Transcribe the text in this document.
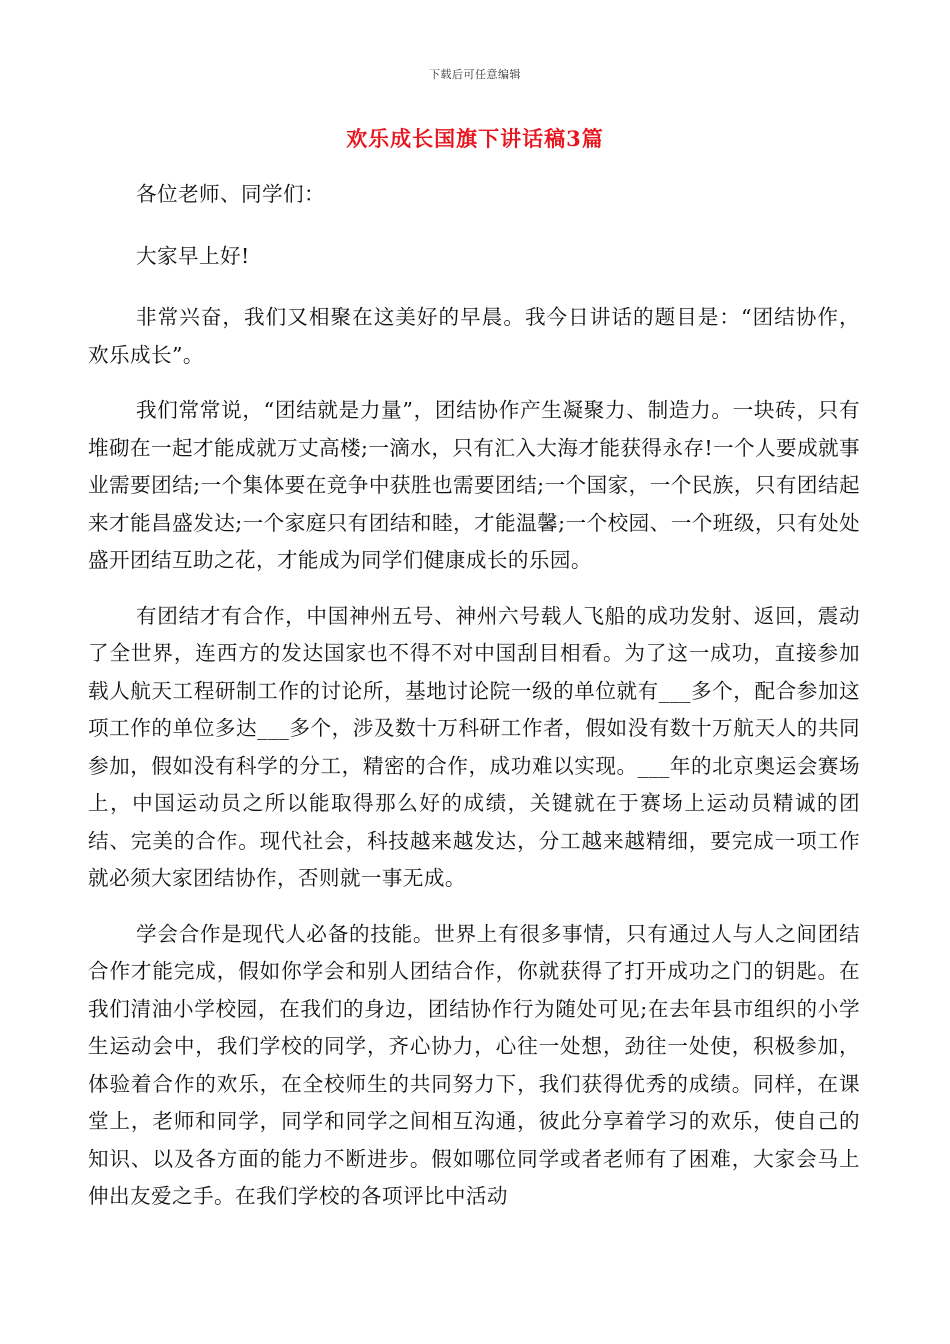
下载后可任意编辑
欢乐成长国旗下讲话稿3篇

各位老师、同学们：

大家早上好!

非常兴奋，我们又相聚在这美好的早晨。我今日讲话的题目是：“团结协作， 欢乐成长”。

我们常常说，“团结就是力量”，团结协作产生凝聚力、制造力。一块砖，只有堆砌在一起才能成就万丈高楼;一滴水，只有汇入大海才能获得永存!一个人要成就事业需要团结;一个集体要在竞争中获胜也需要团结;一个国家，一个民族，只有团结起来才能昌盛发达;一个家庭只有团结和睦，才能温馨;一个校园、一个班级，只有处处盛开团结互助之花，才能成为同学们健康成长的乐园。

有团结才有合作，中国神州五号、神州六号载人飞船的成功发射、返回，震动了全世界，连西方的发达国家也不得不对中国刮目相看。为了这一成功，直接参加载人航天工程研制工作的讨论所，基地讨论院一级的单位就有___多个，配合参加这项工作的单位多达___多个，涉及数十万科研工作者，假如没有数十万航天人的共同参加，假如没有科学的分工，精密的合作，成功难以实现。___年的北京奥运会赛场上，中国运动员之所以能取得那么好的成绩，关键就在于赛场上运动员精诚的团结、完美的合作。现代社会，科技越来越发达，分工越来越精细，要完成一项工作就必须大家团结协作，否则就一事无成。

学会合作是现代人必备的技能。世界上有很多事情，只有通过人与人之间团结合作才能完成，假如你学会和别人团结合作，你就获得了打开成功之门的钥匙。在我们清油小学校园，在我们的身边，团结协作行为随处可见;在去年县市组织的小学生运动会中，我们学校的同学，齐心协力，心往一处想，劲往一处使，积极参加，体验着合作的欢乐，在全校师生的共同努力下，我们获得优秀的成绩。同样，在课堂上，老师和同学，同学和同学之间相互沟通，彼此分享着学习的欢乐，使自己的知识、以及各方面的能力不断进步。假如哪位同学或者老师有了困难，大家会马上伸出友爱之手。在我们学校的各项评比中活动
